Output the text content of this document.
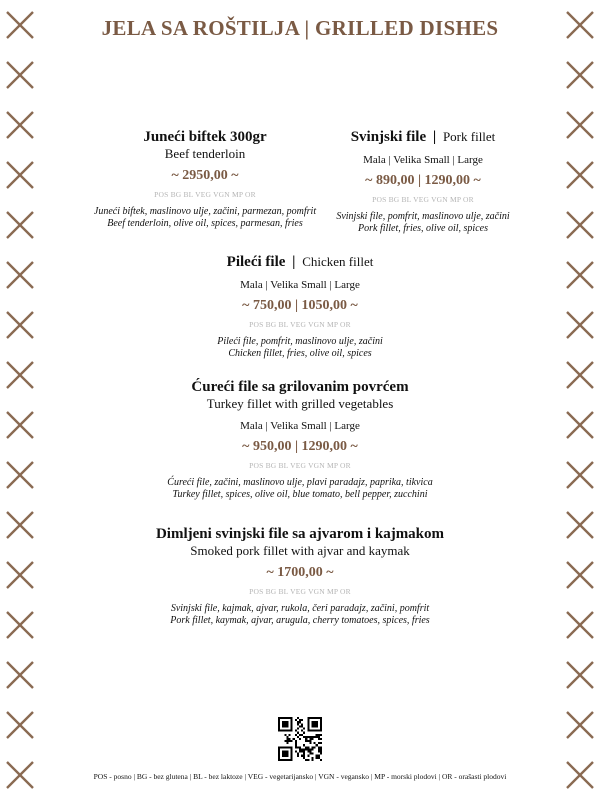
JELA SA ROŠTILJA | GRILLED DISHES
Juneći biftek 300gr
Beef tenderloin
~ 2950,00 ~
POS BG BL VEG VGN MP OR
Juneći biftek, maslinovo ulje, začini, parmezan, pomfrit
Beef tenderloin, olive oil, spices, parmesan, fries
Svinjski file | Pork fillet
Mala | Velika Small | Large
~ 890,00 | 1290,00 ~
POS BG BL VEG VGN MP OR
Svinjski file, pomfrit, maslinovo ulje, začini
Pork fillet, fries, olive oil, spices
Pileći file | Chicken fillet
Mala | Velika Small | Large
~ 750,00 | 1050,00 ~
POS BG BL VEG VGN MP OR
Pileći file, pomfrit, maslinovo ulje, začini
Chicken fillet, fries, olive oil, spices
Ćureći file sa grilovanim povrćem
Turkey fillet with grilled vegetables
Mala | Velika Small | Large
~ 950,00 | 1290,00 ~
POS BG BL VEG VGN MP OR
Ćureći file, začini, maslinovo ulje, plavi paradajz, paprika, tikvica
Turkey fillet, spices, olive oil, blue tomato, bell pepper, zucchini
Dimljeni svinjski file sa ajvarom i kajmakom
Smoked pork fillet with ajvar and kaymak
~ 1700,00 ~
POS BG BL VEG VGN MP OR
Svinjski file, kajmak, ajvar, rukola, čeri paradajz, začini, pomfrit
Pork fillet, kaymak, ajvar, arugula, cherry tomatoes, spices, fries
POS - posno | BG - bez glutena | BL - bez laktoze | VEG - vegetarijansko | VGN - vegansko | MP - morski plodovi | OR - orašasti plodovi
